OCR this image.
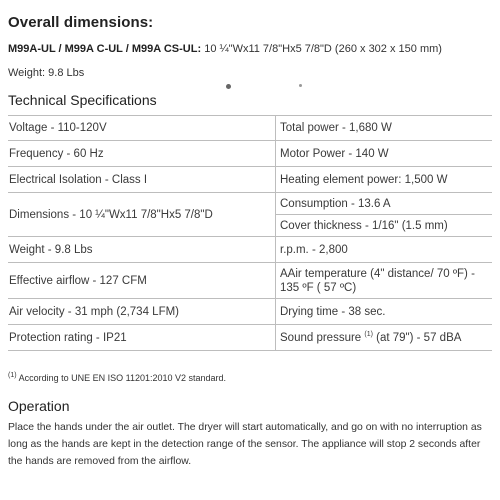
Overall dimensions:
M99A-UL / M99A C-UL / M99A CS-UL: 10 ¼"Wx11 7/8"Hx5 7/8"D (260 x 302 x 150 mm)
Weight: 9.8 Lbs
Technical Specifications
Voltage - 110-120V	Total power - 1,680 W
Frequency - 60 Hz	Motor Power - 140 W
Electrical Isolation - Class I	Heating element power: 1,500 W
Dimensions - 10 ¼"Wx11 7/8"Hx5 7/8"D	Consumption - 13.6 A
	Cover thickness - 1/16" (1.5 mm)
Weight - 9.8 Lbs	r.p.m. - 2,800
Effective airflow - 127 CFM	AAir temperature (4" distance/ 70 ºF) - 135 ºF ( 57 ºC)
Air velocity - 31 mph (2,734 LFM)	Drying time - 38 sec.
Protection rating - IP21	Sound pressure $^{(1)}$ (at 79") - 57 dBA
$^{(1)}$ According to UNE EN ISO 11201:2010 V2 standard.
Operation
Place the hands under the air outlet. The dryer will start automatically, and go on with no interruption as long as the hands are kept in the detection range of the sensor. The appliance will stop 2 seconds after the hands are removed from the airflow.
